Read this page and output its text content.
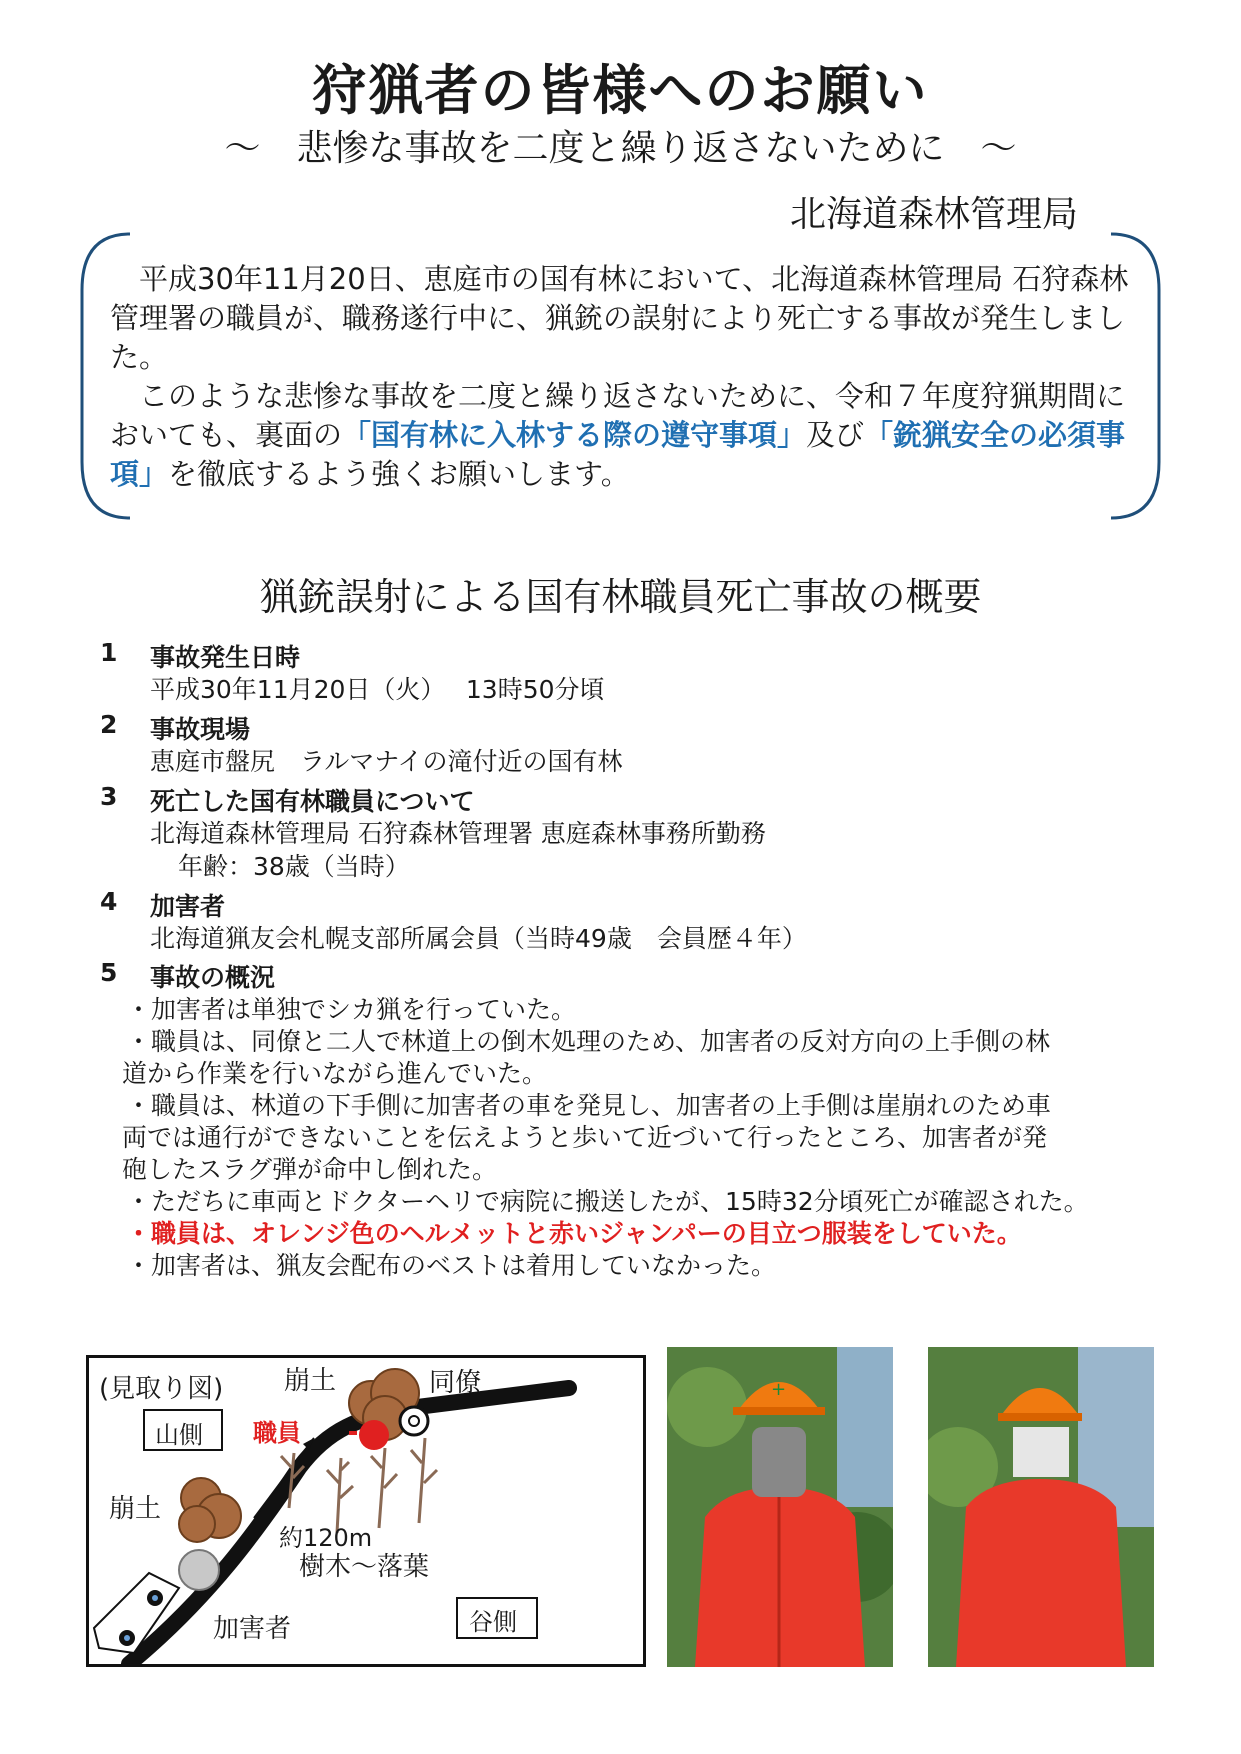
狩猟者の皆様へのお願い
～　悲惨な事故を二度と繰り返さないために　～
北海道森林管理局

平成30年11月20日、恵庭市の国有林において、北海道森林管理局 石狩森林管理署の職員が、職務遂行中に、猟銃の誤射により死亡する事故が発生しました。

このような悲惨な事故を二度と繰り返さないために、令和７年度狩猟期間においても、裏面の「国有林に入林する際の遵守事項」及び「銃猟安全の必須事項」を徹底するよう強くお願いします。

猟銃誤射による国有林職員死亡事故の概要
1 事故発生日時
平成30年11月20日（火）　 13時50分頃
2 事故現場
恵庭市盤尻　ラルマナイの滝付近の国有林
3 死亡した国有林職員について
北海道森林管理局 石狩森林管理署 恵庭森林事務所勤務
年齢：38歳（当時）
4 加害者
北海道猟友会札幌支部所属会員（当時49歳　会員歴４年）
5 事故の概況
・加害者は単独でシカ猟を行っていた。
・職員は、同僚と二人で林道上の倒木処理のため、加害者の反対方向の上手側の林
道から作業を行いながら進んでいた。
・職員は、林道の下手側に加害者の車を発見し、加害者の上手側は崖崩れのため車
両では通行ができないことを伝えようと歩いて近づいて行ったところ、加害者が発
砲したスラグ弾が命中し倒れた。
・ただちに車両とドクターヘリで病院に搬送したが、15時32分頃死亡が確認された。
・職員は、オレンジ色のヘルメットと赤いジャンパーの目立つ服装をしていた。
・加害者は、猟友会配布のベストは着用していなかった。
(見取り図) 崩土	同僚
職員
山側
崩土
約120m
樹木～落葉
谷側
加害者
+
